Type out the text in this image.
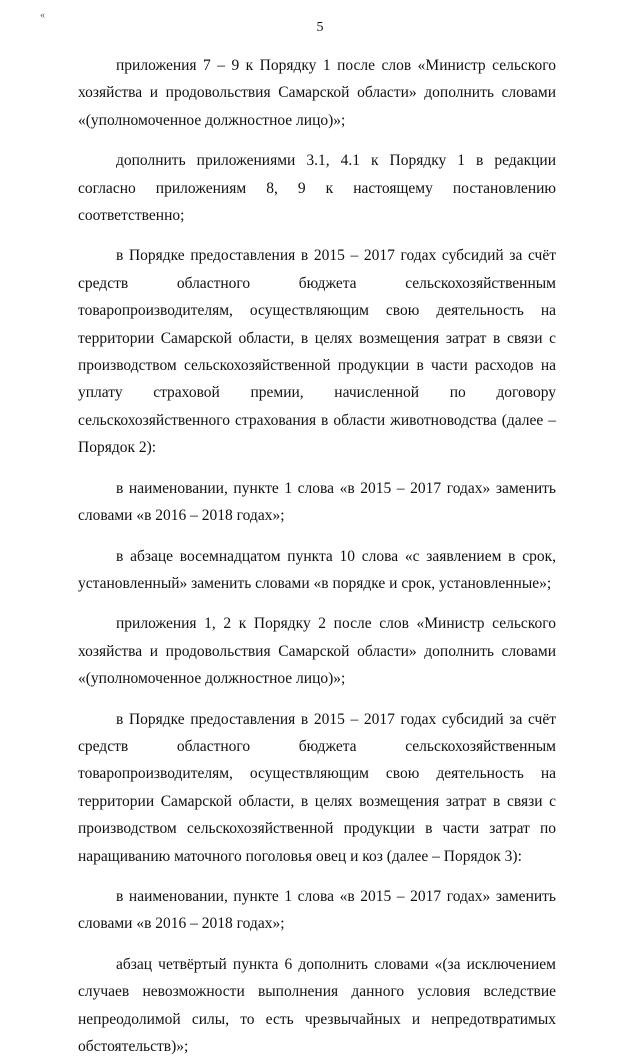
«
5

приложения 7 – 9 к Порядку 1 после слов «Министр сельского хозяйства и продовольствия Самарской области» дополнить словами «(уполномоченное должностное лицо)»;

дополнить приложениями 3.1, 4.1 к Порядку 1 в редакции согласно приложениям 8, 9 к настоящему постановлению соответственно;

в Порядке предоставления в 2015 – 2017 годах субсидий за счёт средств областного бюджета сельскохозяйственным товаропроизводителям, осуществляющим свою деятельность на территории Самарской области, в целях возмещения затрат в связи с производством сельскохозяйственной продукции в части расходов на уплату страховой премии, начисленной по договору сельскохозяйственного страхования в области животноводства (далее – Порядок 2):

в наименовании, пункте 1 слова «в 2015 – 2017 годах» заменить словами «в 2016 – 2018 годах»;

в абзаце восемнадцатом пункта 10 слова «с заявлением в срок, установленный» заменить словами «в порядке и срок, установленные»;

приложения 1, 2 к Порядку 2 после слов «Министр сельского хозяйства и продовольствия Самарской области» дополнить словами «(уполномоченное должностное лицо)»;

в Порядке предоставления в 2015 – 2017 годах субсидий за счёт средств областного бюджета сельскохозяйственным товаропроизводителям, осуществляющим свою деятельность на территории Самарской области, в целях возмещения затрат в связи с производством сельскохозяйственной продукции в части затрат по наращиванию маточного поголовья овец и коз (далее – Порядок 3):

в наименовании, пункте 1 слова «в 2015 – 2017 годах» заменить словами «в 2016 – 2018 годах»;

абзац четвёртый пункта 6 дополнить словами «(за исключением случаев невозможности выполнения данного условия вследствие непреодолимой силы, то есть чрезвычайных и непредотвратимых обстоятельств)»;
